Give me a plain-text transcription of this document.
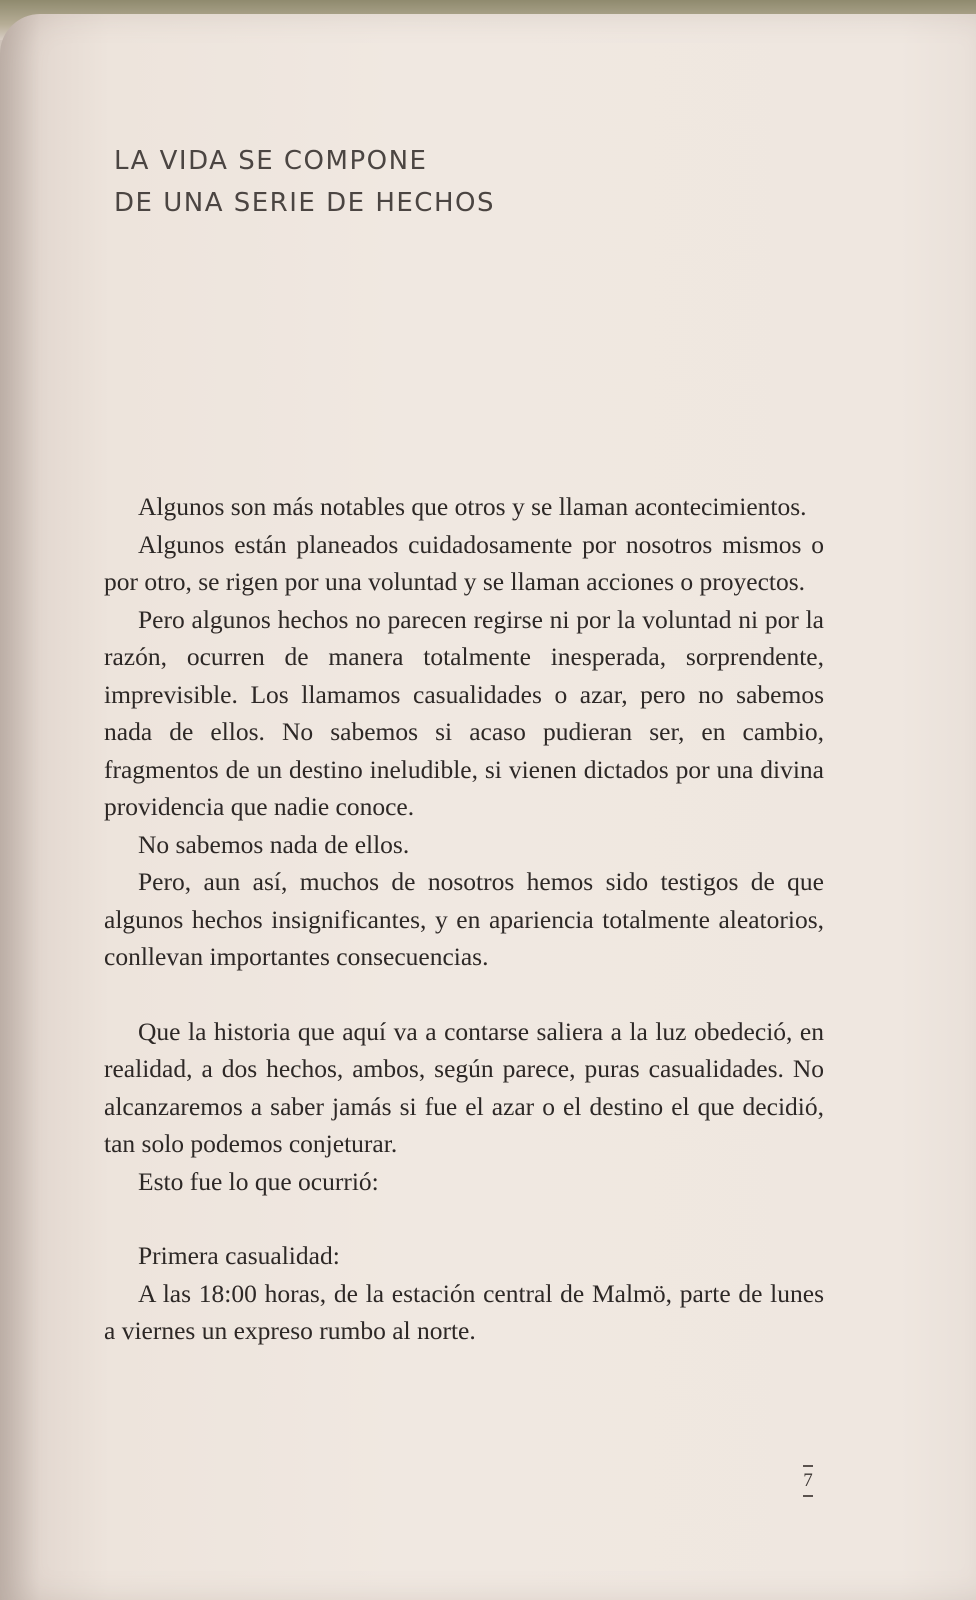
LA VIDA SE COMPONE
DE UNA SERIE DE HECHOS

Algunos son más notables que otros y se llaman acontecimientos.

Algunos están planeados cuidadosamente por nosotros mismos o por otro, se rigen por una voluntad y se llaman acciones o proyectos.

Pero algunos hechos no parecen regirse ni por la voluntad ni por la razón, ocurren de manera totalmente inesperada, sorprendente, imprevisible. Los llamamos casualidades o azar, pero no sabemos nada de ellos. No sabemos si acaso pudieran ser, en cambio, fragmentos de un destino ineludible, si vienen dictados por una divina providencia que nadie conoce.

No sabemos nada de ellos.

Pero, aun así, muchos de nosotros hemos sido testigos de que algunos hechos insignificantes, y en apariencia totalmente aleatorios, conllevan importantes consecuencias.

Que la historia que aquí va a contarse saliera a la luz obedeció, en realidad, a dos hechos, ambos, según parece, puras casualidades. No alcanzaremos a saber jamás si fue el azar o el destino el que decidió, tan solo podemos conjeturar.

Esto fue lo que ocurrió:

Primera casualidad:

A las 18:00 horas, de la estación central de Malmö, parte de lunes a viernes un expreso rumbo al norte.

7
